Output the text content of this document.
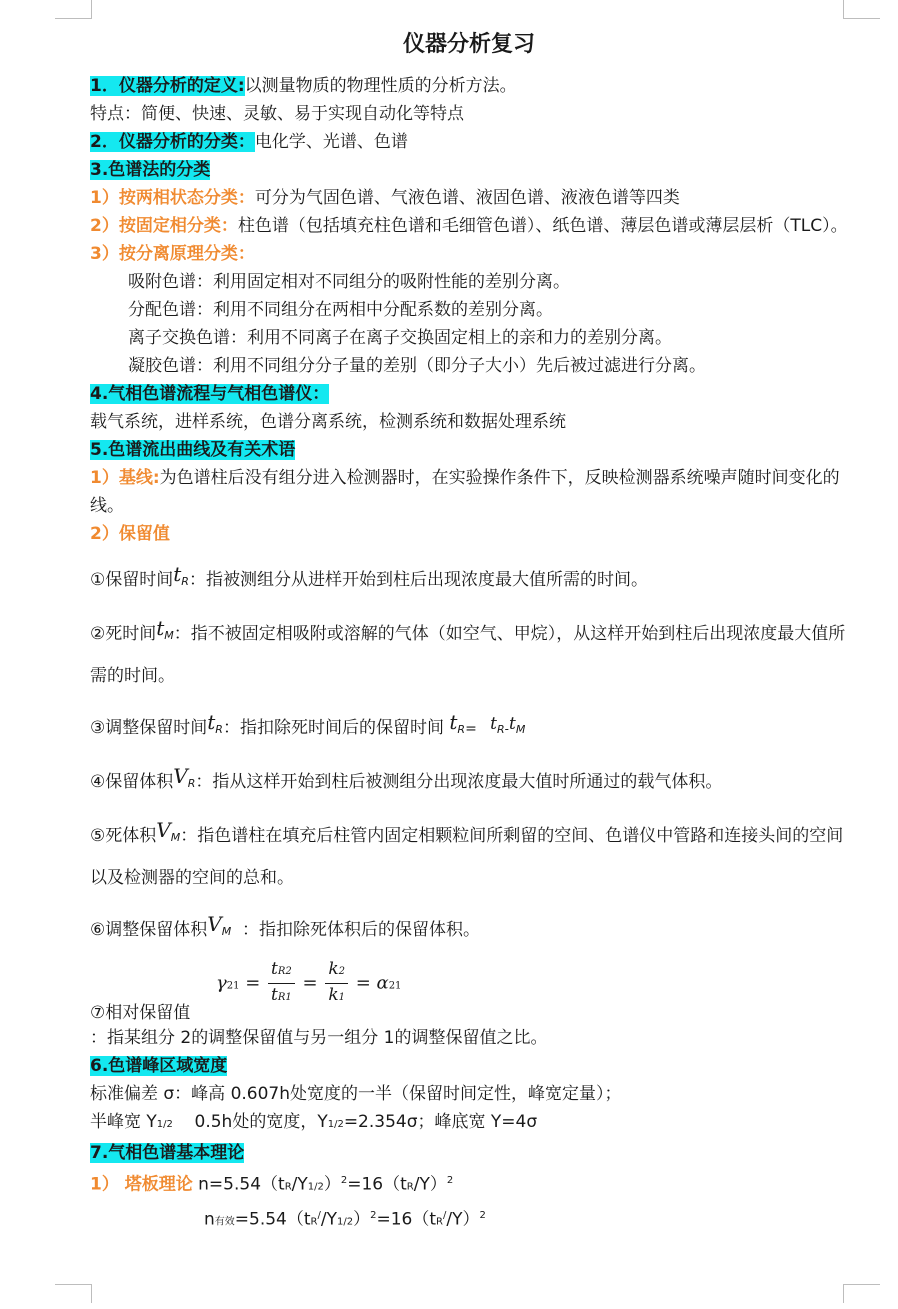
仪器分析复习

1．仪器分析的定义:以测量物质的物理性质的分析方法。

特点：简便、快速、灵敏、易于实现自动化等特点

2．仪器分析的分类：电化学、光谱、色谱

3.色谱法的分类

1）按两相状态分类：可分为气固色谱、气液色谱、液固色谱、液液色谱等四类

2）按固定相分类：柱色谱（包括填充柱色谱和毛细管色谱）、纸色谱、薄层色谱或薄层层析（TLC）。

3）按分离原理分类：

吸附色谱：利用固定相对不同组分的吸附性能的差别分离。

分配色谱：利用不同组分在两相中分配系数的差别分离。

离子交换色谱：利用不同离子在离子交换固定相上的亲和力的差别分离。

凝胶色谱：利用不同组分分子量的差别（即分子大小）先后被过滤进行分离。

4.气相色谱流程与气相色谱仪：

载气系统，进样系统，色谱分离系统，检测系统和数据处理系统

5.色谱流出曲线及有关术语

1）基线:为色谱柱后没有组分进入检测器时，在实验操作条件下，反映检测器系统噪声随时间变化的线。

2）保留值

①保留时间tR：指被测组分从进样开始到柱后出现浓度最大值所需的时间。

②死时间tM：指不被固定相吸附或溶解的气体（如空气、甲烷），从这样开始到柱后出现浓度最大值所需的时间。

③调整保留时间tR：指扣除死时间后的保留时间 tR=   tR-tM

④保留体积VR：指从这样开始到柱后被测组分出现浓度最大值时所通过的载气体积。

⑤死体积VM：指色谱柱在填充后柱管内固定相颗粒间所剩留的空间、色谱仪中管路和连接头间的空间以及检测器的空间的总和。

⑥调整保留体积VM ：指扣除死体积后的保留体积。

$\gamma 21 = \frac{tR2}{tR1} = \frac{k2}{k1} = \alpha 21$
⑦相对保留值

：指某组分 2的调整保留值与另一组分 1的调整保留值之比。

6.色谱峰区域宽度

标准偏差 σ：峰高 0.607h处宽度的一半（保留时间定性，峰宽定量）；

半峰宽 Y1/2 0.5h处的宽度，Y1/2=2.354σ；峰底宽 Y=4σ

7.气相色谱基本理论

1） 塔板理论 $n=5.54(tR/Y1/2)^2=16(tR/Y)^2$

n有效$=5.54(tR^//Y1/2)^2=16(tR^//Y)^2$
